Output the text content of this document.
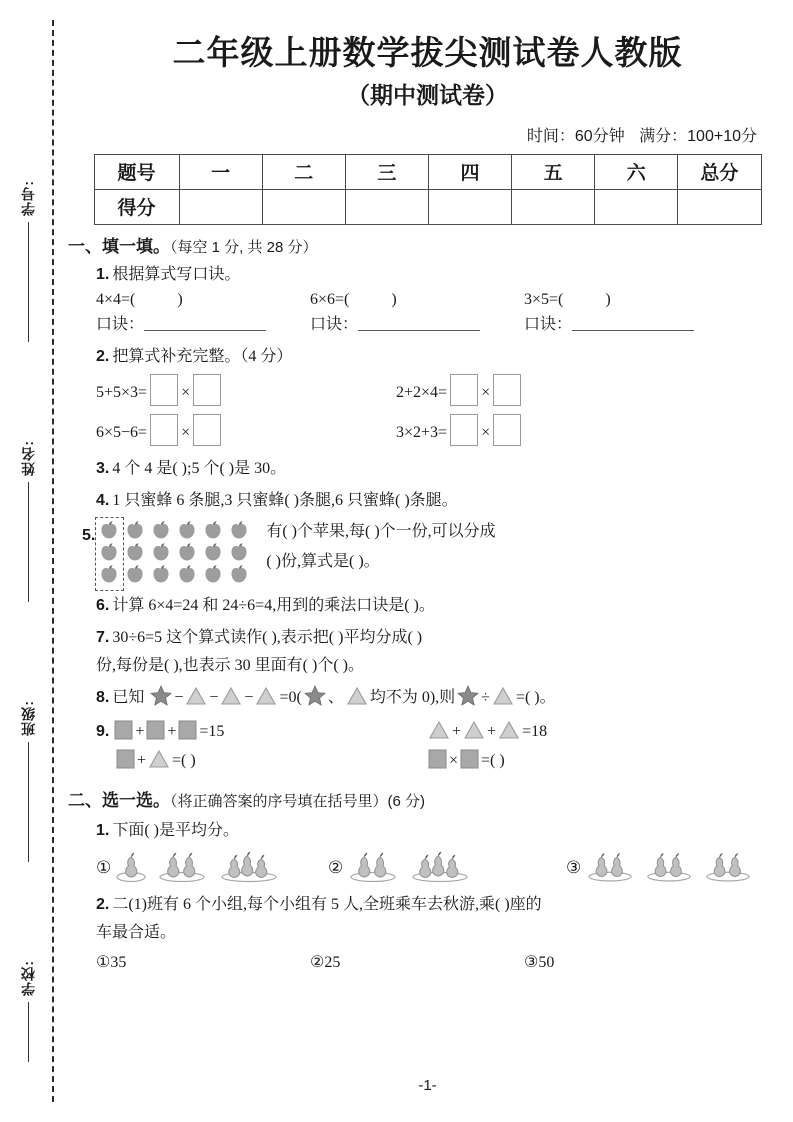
学号:
姓名:
班级:
学校:
二年级上册数学拔尖测试卷人教版
（期中测试卷）
时间：60分钟 满分：100+10分
题号	一	二	三	四	五	六	总分
得分							
一、填一填。（每空 1 分, 共 28 分）
1. 根据算式写口诀。
4×4=(	)	6×6=(	)	3×5=(	)
口诀：	口诀：	口诀：
2. 把算式补充完整。（4 分）
5+5×3= ×	2+2×4= ×
6×5−6= ×	3×2+3= ×
3. 4 个 4 是( );5 个( )是 30。
4. 1 只蜜蜂 6 条腿,3 只蜜蜂( )条腿,6 只蜜蜂( )条腿。
5.	有( )个苹果,每( )个一份,可以分成
( )份,算式是( )。
6. 计算 6×4=24 和 24÷6=4,用到的乘法口诀是( )。
7. 30÷6=5 这个算式读作( ),表示把( )平均分成( )
份,每份是( ),也表示 30 里面有( )个( )。
8. 已知 − − − =0( 、 均不为 0),则 ÷ =( )。
9. + + =15	+ + =18
+ =( )	× =( )
二、选一选。（将正确答案的序号填在括号里）(6 分)
1. 下面( )是平均分。
①	②	③
2. 二(1)班有 6 个小组,每个小组有 5 人,全班乘车去秋游,乘( )座的
车最合适。
①35	②25	③50
-1-
